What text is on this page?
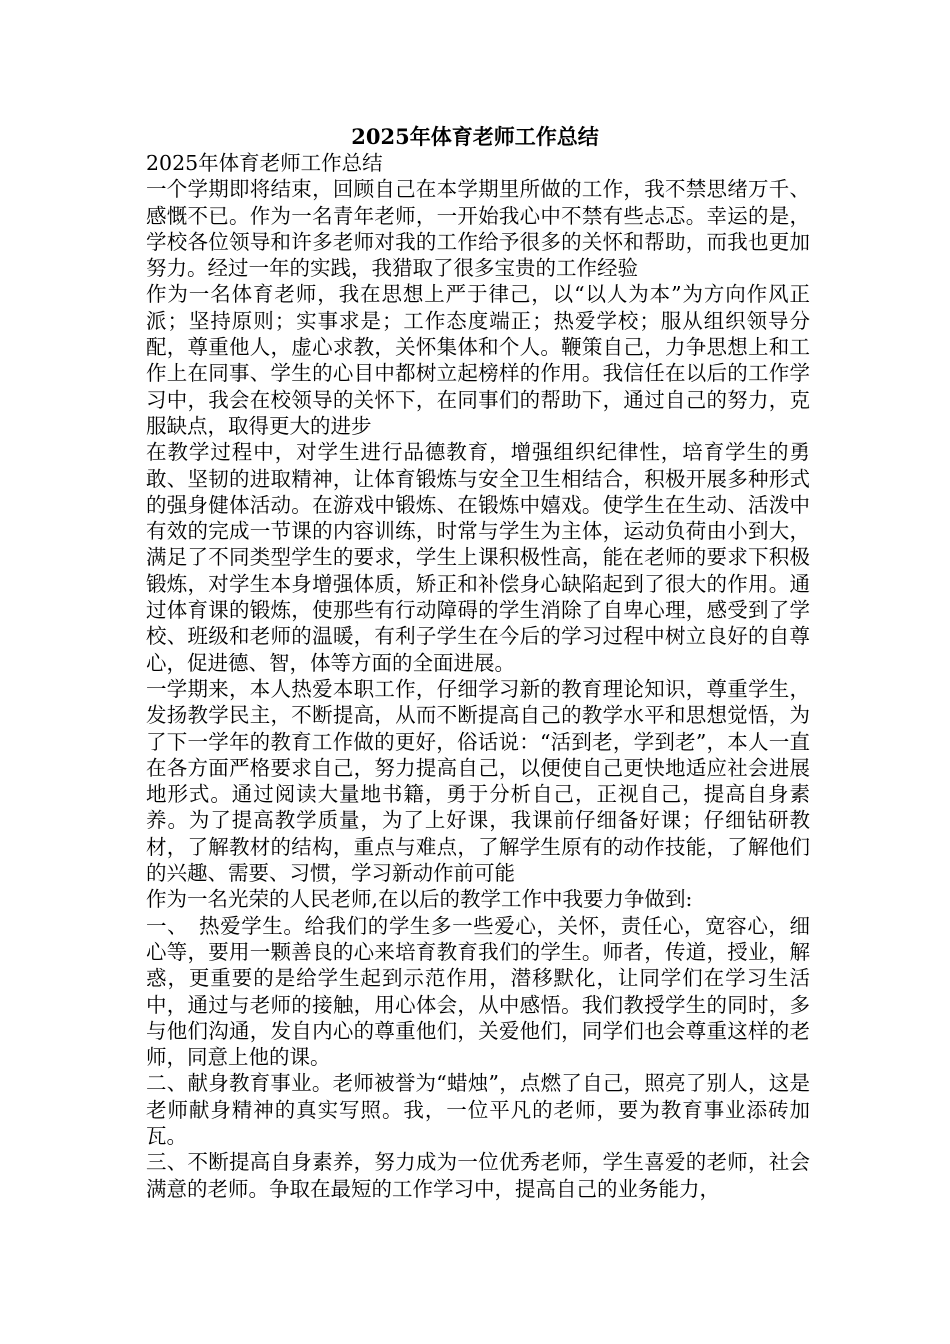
2025年体育老师工作总结

2025年体育老师工作总结

一个学期即将结束，回顾自己在本学期里所做的工作，我不禁思绪万千、感慨不已。作为一名青年老师，一开始我心中不禁有些忐忑。幸运的是，学校各位领导和许多老师对我的工作给予很多的关怀和帮助，而我也更加努力。经过一年的实践，我猎取了很多宝贵的工作经验

作为一名体育老师，我在思想上严于律己，以“以人为本”为方向作风正派；坚持原则；实事求是；工作态度端正；热爱学校；服从组织领导分配，尊重他人，虚心求教，关怀集体和个人。鞭策自己，力争思想上和工作上在同事、学生的心目中都树立起榜样的作用。我信任在以后的工作学习中，我会在校领导的关怀下，在同事们的帮助下，通过自己的努力，克服缺点，取得更大的进步

在教学过程中，对学生进行品德教育，增强组织纪律性，培育学生的勇敢、坚韧的进取精神，让体育锻炼与安全卫生相结合，积极开展多种形式的强身健体活动。在游戏中锻炼、在锻炼中嬉戏。使学生在生动、活泼中有效的完成一节课的内容训练，时常与学生为主体，运动负荷由小到大，满足了不同类型学生的要求，学生上课积极性高，能在老师的要求下积极锻炼，对学生本身增强体质，矫正和补偿身心缺陷起到了很大的作用。通过体育课的锻炼，使那些有行动障碍的学生消除了自卑心理，感受到了学校、班级和老师的温暖，有利子学生在今后的学习过程中树立良好的自尊心，促进德、智，体等方面的全面进展。

一学期来，本人热爱本职工作，仔细学习新的教育理论知识，尊重学生，发扬教学民主，不断提高，从而不断提高自己的教学水平和思想觉悟，为了下一学年的教育工作做的更好，俗话说：“活到老，学到老”，本人一直在各方面严格要求自己，努力提高自己，以便使自己更快地适应社会进展地形式。通过阅读大量地书籍，勇于分析自己，正视自己，提高自身素养。为了提高教学质量，为了上好课，我课前仔细备好课；仔细钻研教材，了解教材的结构，重点与难点，了解学生原有的动作技能，了解他们的兴趣、需要、习惯，学习新动作前可能

作为一名光荣的人民老师,在以后的教学工作中我要力争做到:

一、　热爱学生。给我们的学生多一些爱心，关怀，责任心，宽容心，细心等，要用一颗善良的心来培育教育我们的学生。师者，传道，授业，解惑，更重要的是给学生起到示范作用，潜移默化，让同学们在学习生活中，通过与老师的接触，用心体会，从中感悟。我们教授学生的同时，多与他们沟通，发自内心的尊重他们，关爱他们，同学们也会尊重这样的老师，同意上他的课。

二、献身教育事业。老师被誉为“蜡烛”，点燃了自己，照亮了别人，这是老师献身精神的真实写照。我，一位平凡的老师，要为教育事业添砖加瓦。

三、不断提高自身素养，努力成为一位优秀老师，学生喜爱的老师，社会满意的老师。争取在最短的工作学习中，提高自己的业务能力，
